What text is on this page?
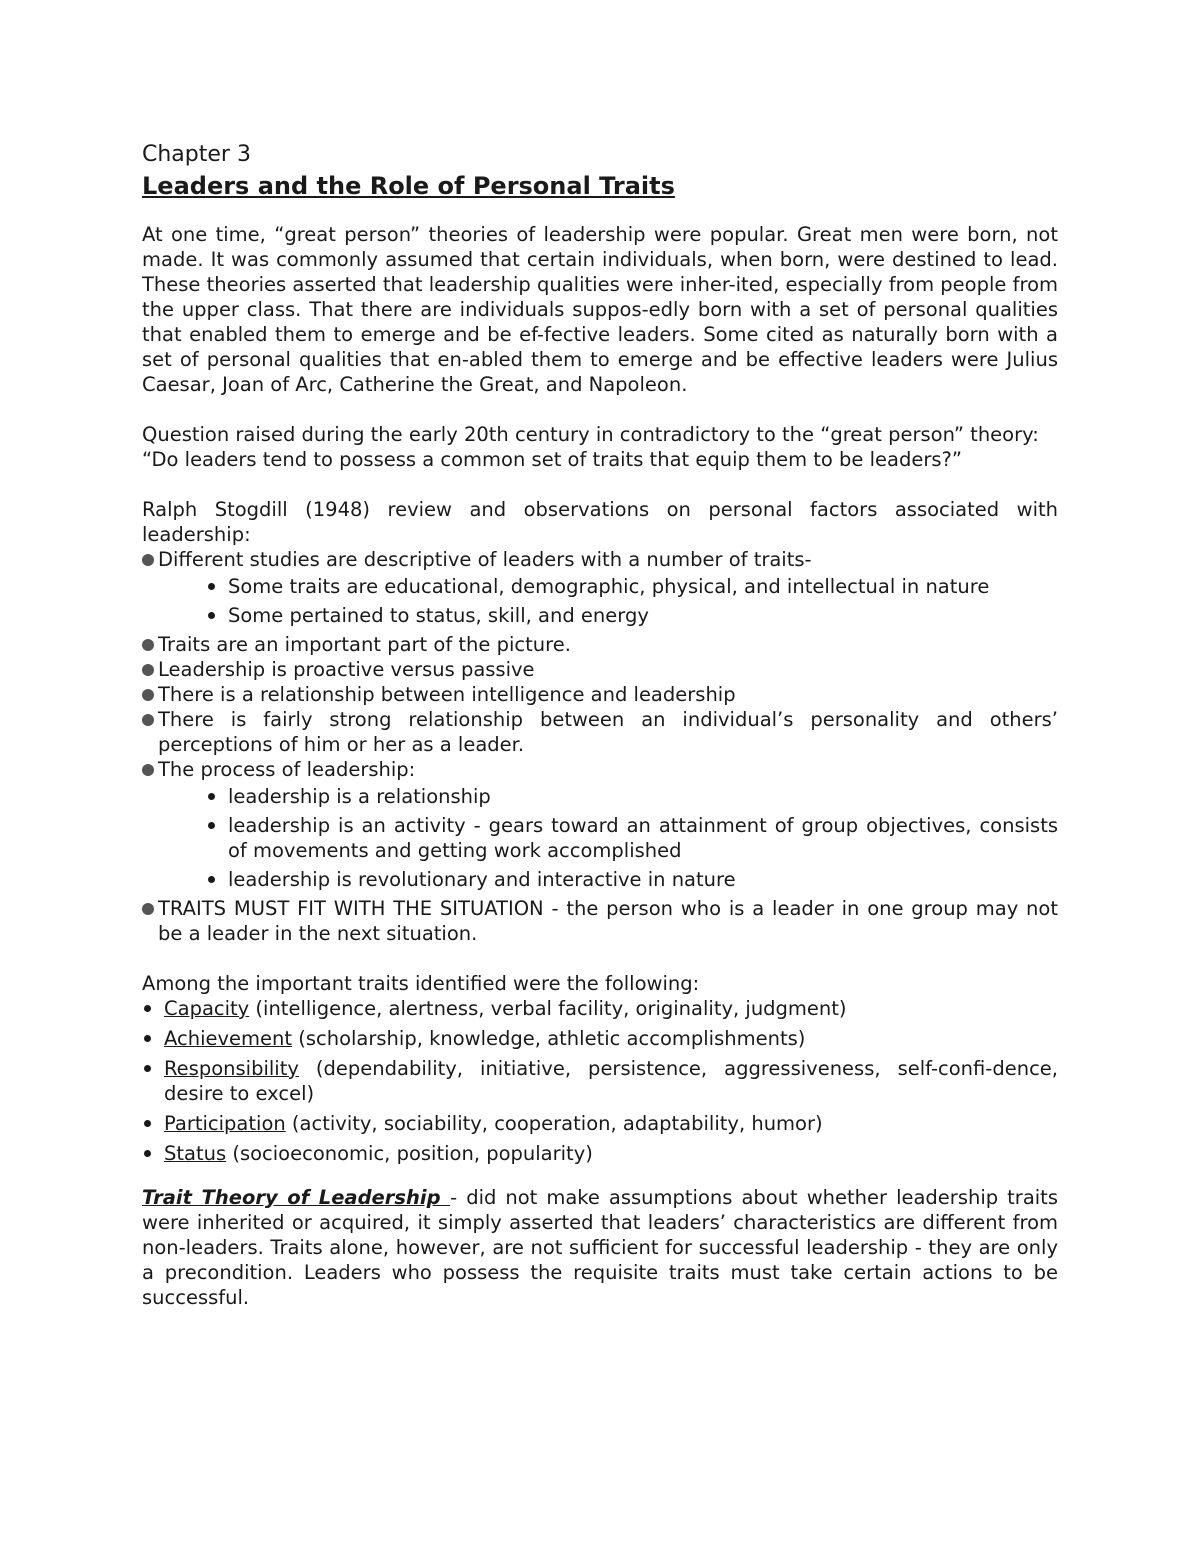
Chapter 3
Leaders and the Role of Personal Traits

At one time, “great person” theories of leadership were popular. Great men were born, not made. It was commonly assumed that certain individuals, when born, were destined to lead. These theories asserted that leadership qualities were inher-ited, especially from people from the upper class. That there are individuals suppos-edly born with a set of personal qualities that enabled them to emerge and be ef-fective leaders. Some cited as naturally born with a set of personal qualities that en-abled them to emerge and be effective leaders were Julius Caesar, Joan of Arc, Catherine the Great, and Napoleon.

Question raised during the early 20th century in contradictory to the “great person” theory:

“Do leaders tend to possess a common set of traits that equip them to be leaders?”

Ralph Stogdill (1948) review and observations on personal factors associated with leadership:

Different studies are descriptive of leaders with a number of traits-
Some traits are educational, demographic, physical, and intellectual in nature
Some pertained to status, skill, and energy
Traits are an important part of the picture.
Leadership is proactive versus passive
There is a relationship between intelligence and leadership
There is fairly strong relationship between an individual’s personality and others’ perceptions of him or her as a leader.
The process of leadership:
leadership is a relationship
leadership is an activity - gears toward an attainment of group objectives, consists of movements and getting work accomplished
leadership is revolutionary and interactive in nature
TRAITS MUST FIT WITH THE SITUATION - the person who is a leader in one group may not be a leader in the next situation.

Among the important traits identified were the following:

Capacity (intelligence, alertness, verbal facility, originality, judgment)
Achievement (scholarship, knowledge, athletic accomplishments)
Responsibility (dependability, initiative, persistence, aggressiveness, self-confi-dence, desire to excel)
Participation (activity, sociability, cooperation, adaptability, humor)
Status (socioeconomic, position, popularity)

Trait Theory of Leadership - did not make assumptions about whether leadership traits were inherited or acquired, it simply asserted that leaders’ characteristics are different from non-leaders. Traits alone, however, are not sufficient for successful leadership - they are only a precondition. Leaders who possess the requisite traits must take certain actions to be successful.
